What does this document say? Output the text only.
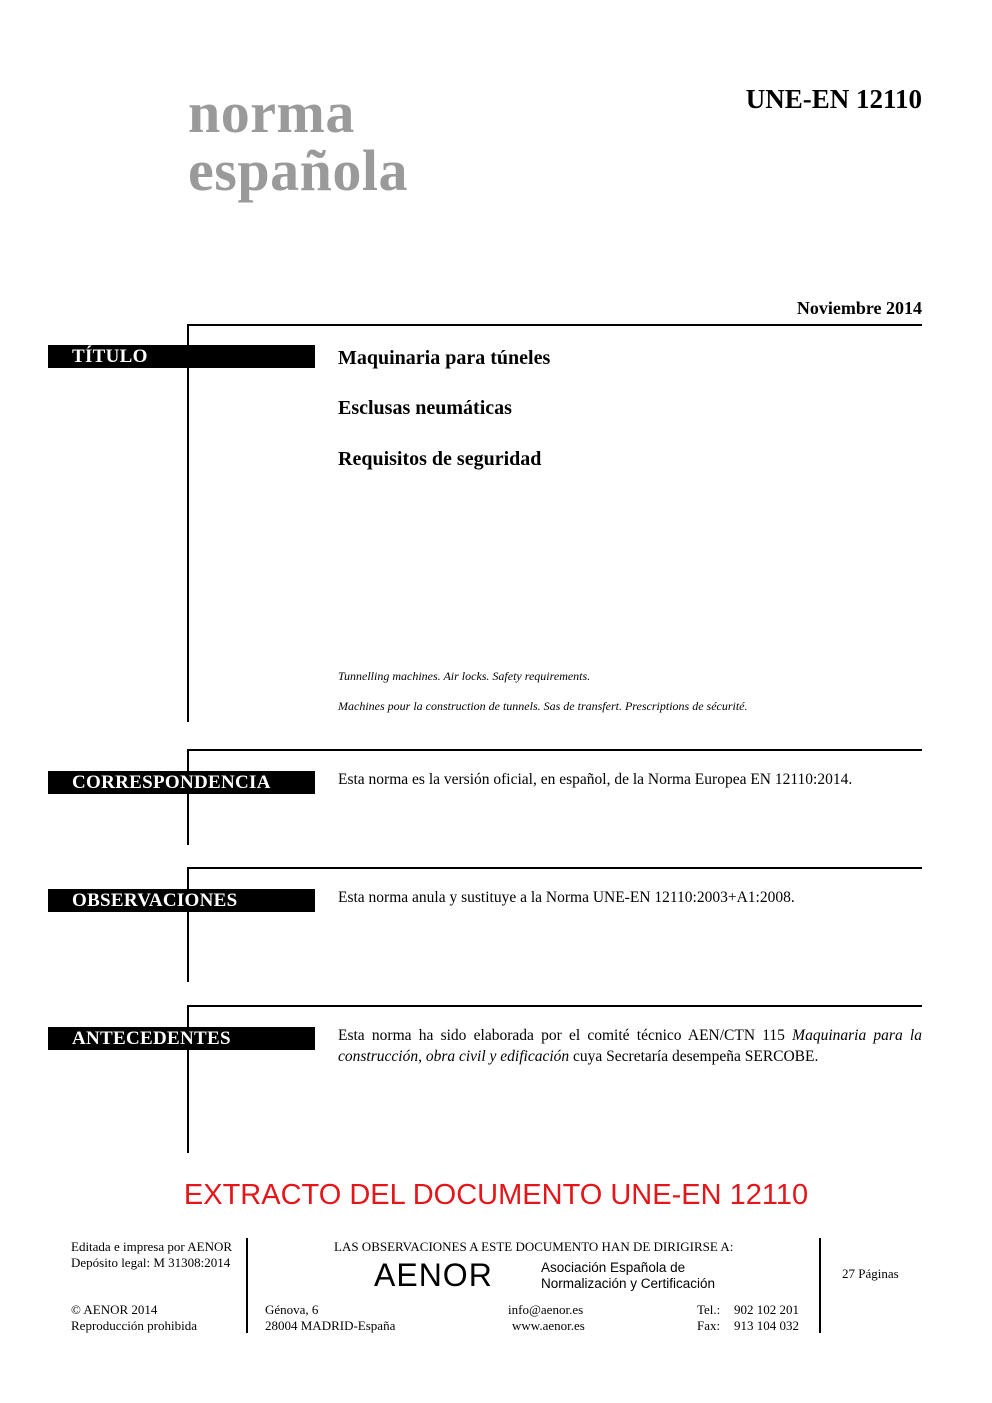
norma
española
UNE-EN 12110
Noviembre 2014
TÍTULO	Maquinaria para túneles
Esclusas neumáticas
Requisitos de seguridad
Tunnelling machines. Air locks. Safety requirements.
Machines pour la construction de tunnels. Sas de transfert. Prescriptions de sécurité.
CORRESPONDENCIA	Esta norma es la versión oficial, en español, de la Norma Europea EN 12110:2014.
OBSERVACIONES	Esta norma anula y sustituye a la Norma UNE-EN 12110:2003+A1:2008.
ANTECEDENTES	Esta norma ha sido elaborada por el comité técnico AEN/CTN 115 Maquinaria para la construcción, obra civil y edificación cuya Secretaría desempeña SERCOBE.
EXTRACTO DEL DOCUMENTO UNE-EN 12110
Editada e impresa por AENOR
Depósito legal: M 31308:2014
© AENOR 2014
Reproducción prohibida
LAS OBSERVACIONES A ESTE DOCUMENTO HAN DE DIRIGIRSE A:
AENOR	Asociación Española de
Normalización y Certificación
Génova, 6
28004 MADRID-España
info@aenor.es
www.aenor.es
Tel.: 902 102 201
Fax: 913 104 032
27 Páginas
